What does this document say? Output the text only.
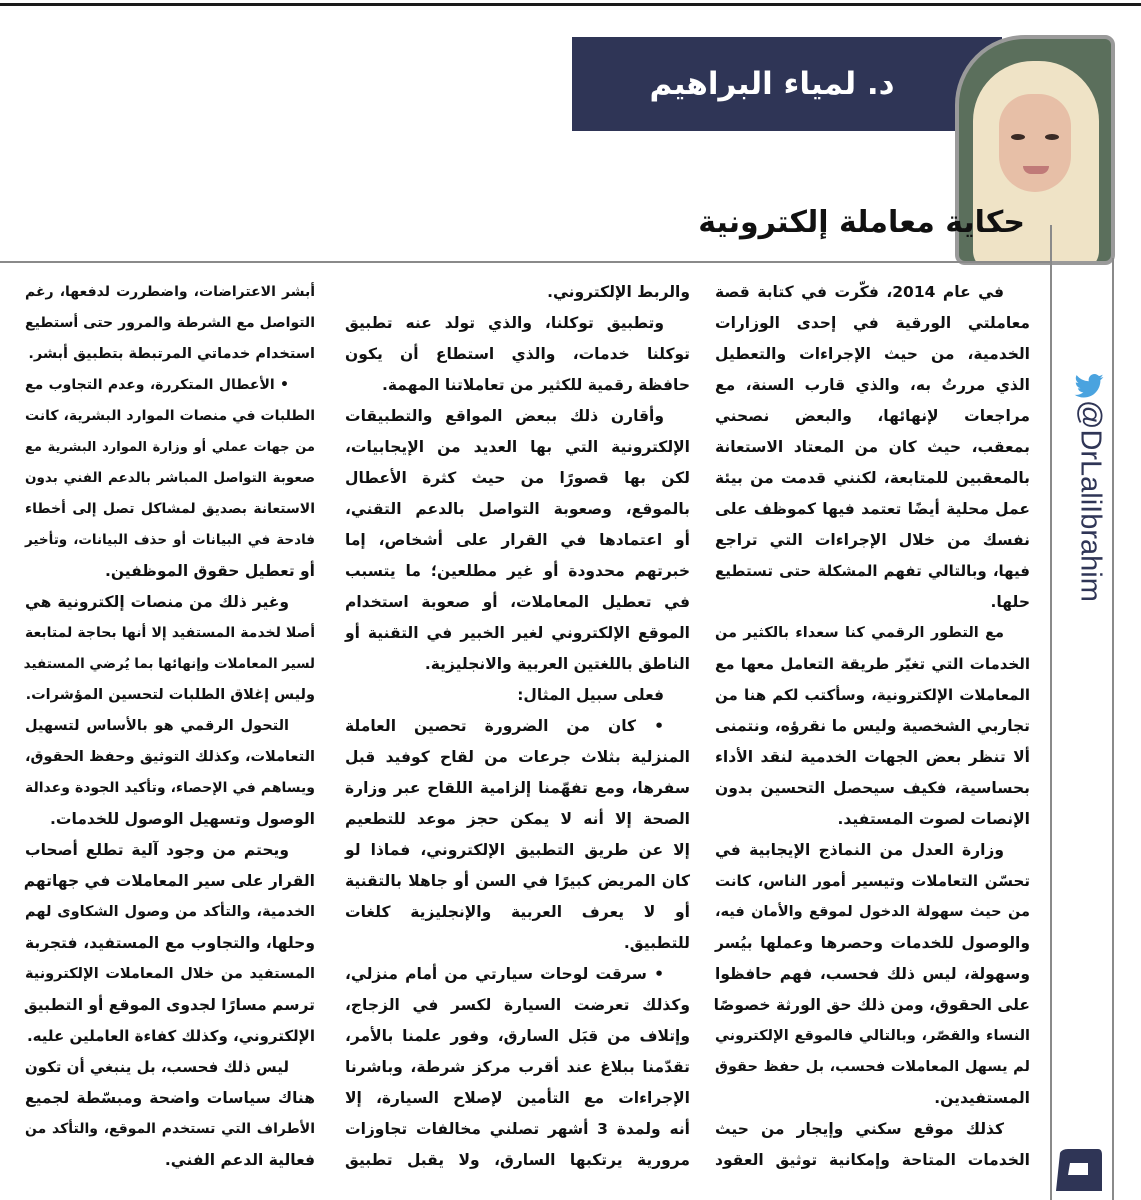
د. لمياء البراهيم
حكاية معاملة إلكترونية
@DrLaliIbrahim
في عام 2014، فكّرت في كتابة قصة
معاملتي الورقية في إحدى الوزارات
الخدمية، من حيث الإجراءات والتعطيل
الذي مررتُ به، والذي قارب السنة، مع
مراجعات لإنهائها، والبعض نصحني
بمعقب، حيث كان من المعتاد الاستعانة
بالمعقبين للمتابعة، لكنني قدمت من بيئة
عمل محلية أيضًا تعتمد فيها كموظف على
نفسك من خلال الإجراءات التي تراجع
فيها، وبالتالي تفهم المشكلة حتى تستطيع
حلها.
مع التطور الرقمي كنا سعداء بالكثير من
الخدمات التي تغيّر طريقة التعامل معها مع
المعاملات الإلكترونية، وسأكتب لكم هنا من
تجاربي الشخصية وليس ما نقرؤه، ونتمنى
ألا تنظر بعض الجهات الخدمية لنقد الأداء
بحساسية، فكيف سيحصل التحسين بدون
الإنصات لصوت المستفيد.
وزارة العدل من النماذج الإيجابية في
تحسّن التعاملات وتيسير أمور الناس، كانت
من حيث سهولة الدخول لموقع والأمان فيه،
والوصول للخدمات وحصرها وعملها بيُسر
وسهولة، ليس ذلك فحسب، فهم حافظوا
على الحقوق، ومن ذلك حق الورثة خصوصًا
النساء والقصّر، وبالتالي فالموقع الإلكتروني
لم يسهل المعاملات فحسب، بل حفظ حقوق
المستفيدين.
كذلك موقع سكني وإيجار من حيث
الخدمات المتاحة وإمكانية توثيق العقود
والربط الإلكتروني.
وتطبيق توكلنا، والذي تولد عنه تطبيق
توكلنا خدمات، والذي استطاع أن يكون
حافظة رقمية للكثير من تعاملاتنا المهمة.
وأقارن ذلك ببعض المواقع والتطبيقات
الإلكترونية التي بها العديد من الإيجابيات،
لكن بها قصورًا من حيث كثرة الأعطال
بالموقع، وصعوبة التواصل بالدعم التقني،
أو اعتمادها في القرار على أشخاص، إما
خبرتهم محدودة أو غير مطلعين؛ ما يتسبب
في تعطيل المعاملات، أو صعوبة استخدام
الموقع الإلكتروني لغير الخبير في التقنية أو
الناطق باللغتين العربية والانجليزية.
فعلى سبيل المثال:
• كان من الضرورة تحصين العاملة
المنزلية بثلاث جرعات من لقاح كوفيد قبل
سفرها، ومع تفهّمنا إلزامية اللقاح عبر وزارة
الصحة إلا أنه لا يمكن حجز موعد للتطعيم
إلا عن طريق التطبيق الإلكتروني، فماذا لو
كان المريض كبيرًا في السن أو جاهلا بالتقنية
أو لا يعرف العربية والإنجليزية كلغات
للتطبيق.
• سرقت لوحات سيارتي من أمام منزلي،
وكذلك تعرضت السيارة لكسر في الزجاج،
وإتلاف من قبَل السارق، وفور علمنا بالأمر،
تقدّمنا ببلاغ عند أقرب مركز شرطة، وباشرنا
الإجراءات مع التأمين لإصلاح السيارة، إلا
أنه ولمدة 3 أشهر تصلني مخالفات تجاوزات
مرورية يرتكبها السارق، ولا يقبل تطبيق
أبشر الاعتراضات، واضطررت لدفعها، رغم
التواصل مع الشرطة والمرور حتى أستطيع
استخدام خدماتي المرتبطة بتطبيق أبشر.
• الأعطال المتكررة، وعدم التجاوب مع
الطلبات في منصات الموارد البشرية، كانت
من جهات عملي أو وزارة الموارد البشرية مع
صعوبة التواصل المباشر بالدعم الفني بدون
الاستعانة بصديق لمشاكل تصل إلى أخطاء
فادحة في البيانات أو حذف البيانات، وتأخير
أو تعطيل حقوق الموظفين.
وغير ذلك من منصات إلكترونية هي
أصلا لخدمة المستفيد إلا أنها بحاجة لمتابعة
لسير المعاملات وإنهائها بما يُرضي المستفيد
وليس إغلاق الطلبات لتحسين المؤشرات.
التحول الرقمي هو بالأساس لتسهيل
التعاملات، وكذلك التوثيق وحفظ الحقوق،
ويساهم في الإحصاء، وتأكيد الجودة وعدالة
الوصول وتسهيل الوصول للخدمات.
ويحتم من وجود آلية تطلع أصحاب
القرار على سير المعاملات في جهاتهم
الخدمية، والتأكد من وصول الشكاوى لهم
وحلها، والتجاوب مع المستفيد، فتجربة
المستفيد من خلال المعاملات الإلكترونية
ترسم مسارًا لجدوى الموقع أو التطبيق
الإلكتروني، وكذلك كفاءة العاملين عليه.
ليس ذلك فحسب، بل ينبغي أن تكون
هناك سياسات واضحة ومبسّطة لجميع
الأطراف التي تستخدم الموقع، والتأكد من
فعالية الدعم الفني.
